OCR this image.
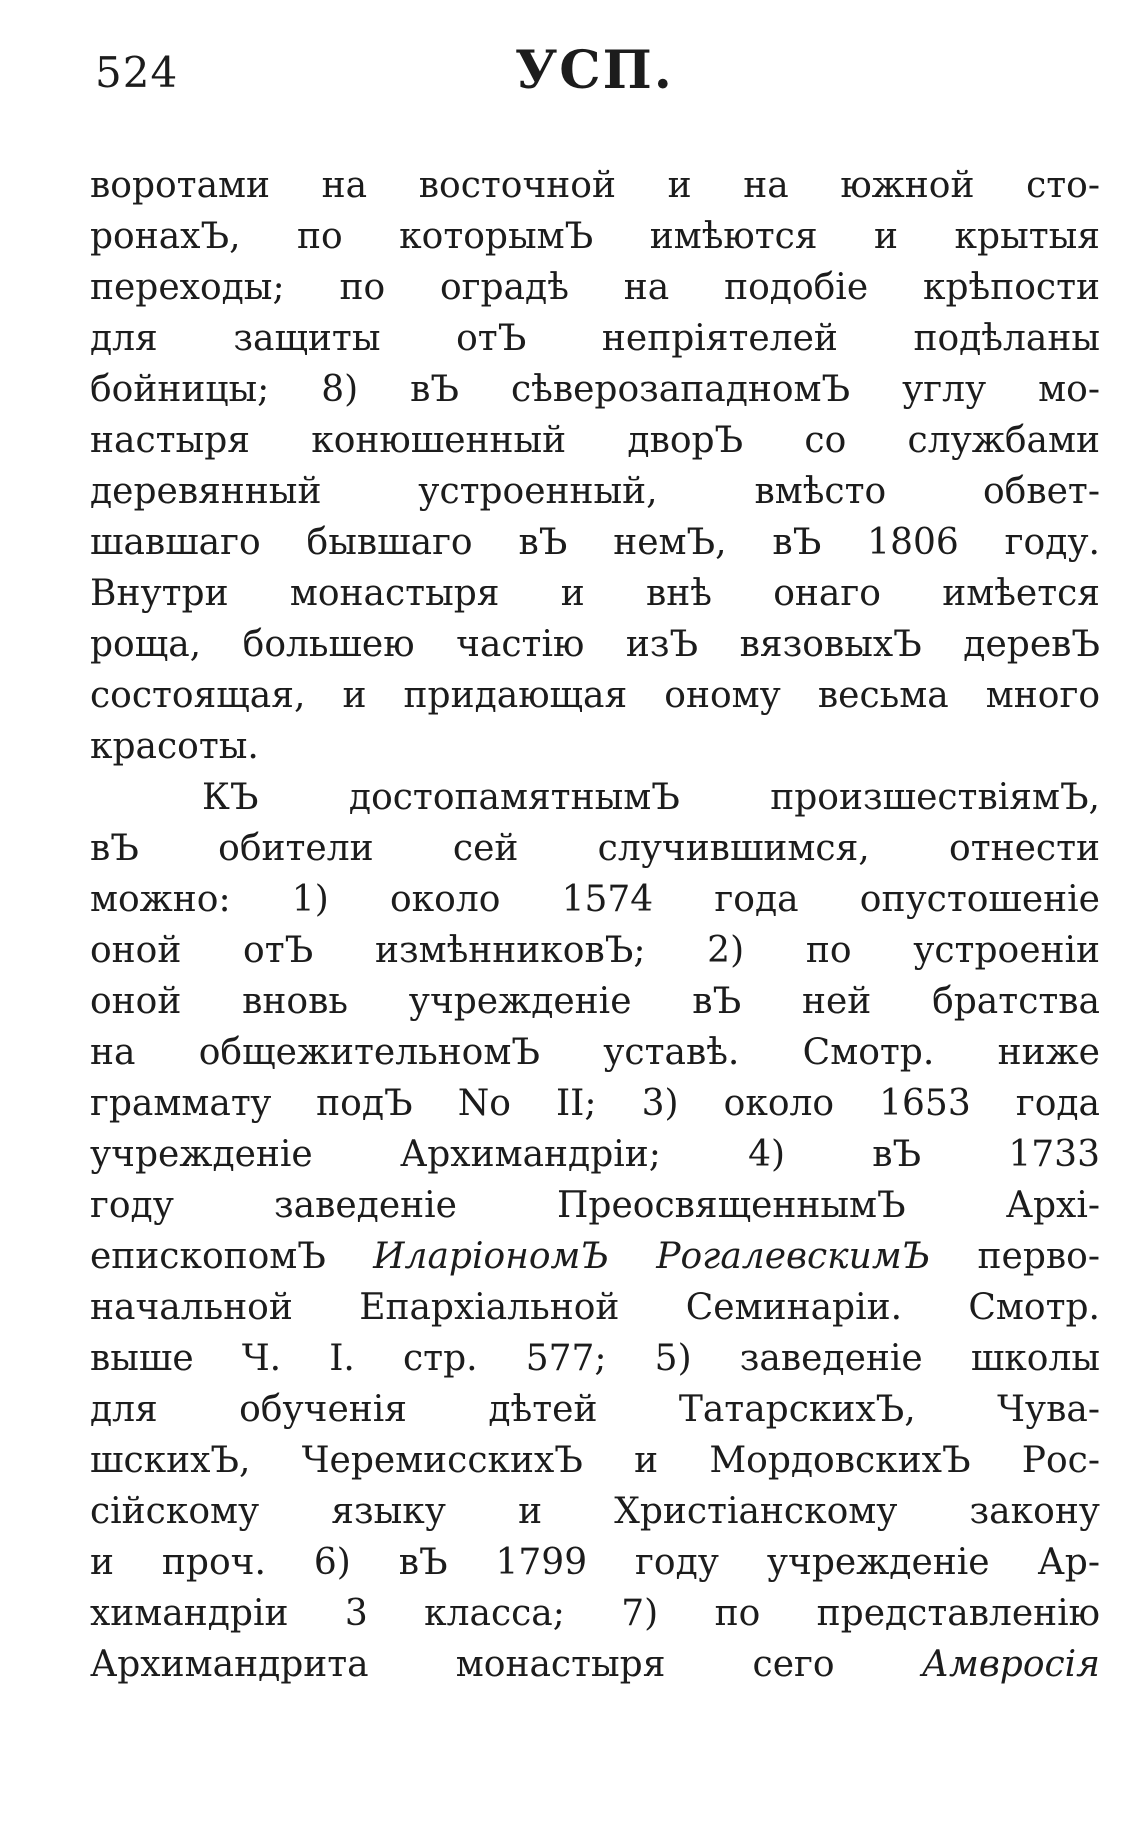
524	УСП.
воротами на восточной и на южной сто-
ронахЪ, по которымЪ имѣются и крытыя
переходы; по оградѣ на подобіе крѣпости
для защиты отЪ непріятелей подѣланы
бойницы; 8) вЪ сѣверозападномЪ углу мо-
настыря конюшенный дворЪ со службами
деревянный устроенный, вмѣсто обвет-
шавшаго бывшаго вЪ немЪ, вЪ 1806 году.
Внутри монастыря и внѣ онаго имѣется
роща, большею частію изЪ вязовыхЪ деревЪ
состоящая, и придающая оному весьма много
красоты.
КЪ достопамятнымЪ произшествіямЪ,
вЪ обители сей случившимся, отнести
можно: 1) около 1574 года опустошеніе
оной отЪ измѣнниковЪ; 2) по устроеніи
оной вновь учрежденіе вЪ ней братства
на общежительномЪ уставѣ. Смотр. ниже
грамматy подЪ No II; 3) около 1653 года
учрежденіе Архимандріи; 4) вЪ 1733
году заведеніе ПреосвященнымЪ Архі-
епископомЪ ИларіономЪ РогалевскимЪ перво-
начальной Епархіальной Семинаріи. Смотр.
выше Ч. I. стр. 577; 5) заведеніе школы
для обученія дѣтей ТатарскихЪ, Чува-
шскихЪ, ЧеремисскихЪ и МордовскихЪ Рос-
сійскому языку и Христіанскому закону
и проч. 6) вЪ 1799 году учрежденіе Ар-
химандріи 3 класса; 7) по представленію
Архимандрита монастыря сего Амвросія
